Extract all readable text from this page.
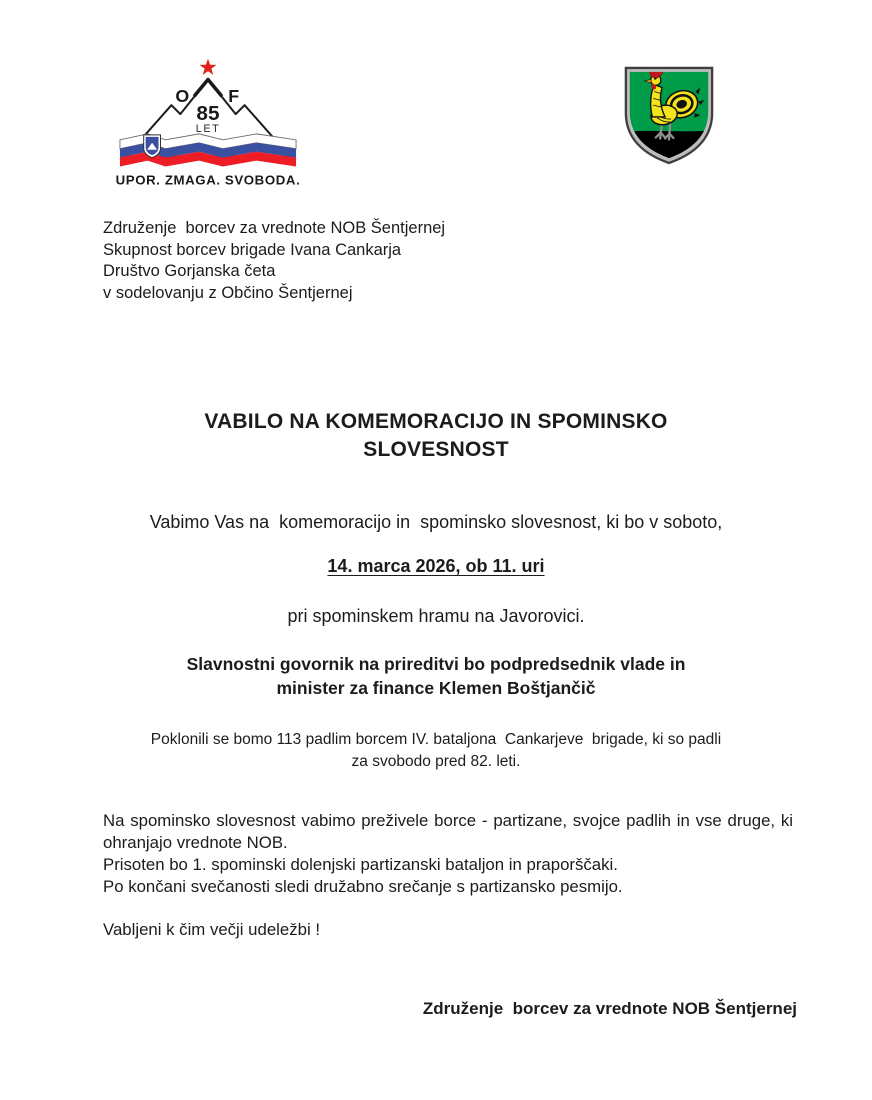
O F
85
LET
UPOR. ZMAGA. SVOBODA.
Združenje  borcev za vrednote NOB Šentjernej
Skupnost borcev brigade Ivana Cankarja
Društvo Gorjanska četa
v sodelovanju z Občino Šentjernej
VABILO NA KOMEMORACIJO IN SPOMINSKO
SLOVESNOST
Vabimo Vas na  komemoracijo in  spominsko slovesnost, ki bo v soboto,
14. marca 2026, ob 11. uri
pri spominskem hramu na Javorovici.
Slavnostni govornik na prireditvi bo podpredsednik vlade in
minister za finance Klemen Boštjančič
Poklonili se bomo 113 padlim borcem IV. bataljona  Cankarjeve  brigade, ki so padli
za svobodo pred 82. leti.
Na spominsko slovesnost vabimo preživele borce - partizane, svojce padlih in vse druge, ki ohranjajo vrednote NOB.
Prisoten bo 1. spominski dolenjski partizanski bataljon in praporščaki.
Po končani svečanosti sledi družabno srečanje s partizansko pesmijo.
Vabljeni k čim večji udeležbi !
Združenje  borcev za vrednote NOB Šentjernej
